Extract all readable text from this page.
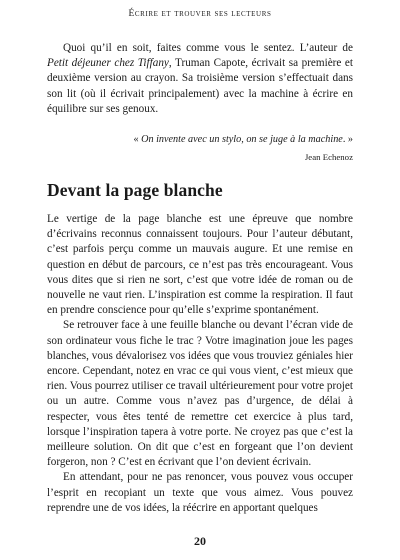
Écrire et trouver ses lecteurs

Quoi qu’il en soit, faites comme vous le sentez. L’auteur de Petit déjeuner chez Tiffany, Truman Capote, écrivait sa première et deuxième version au crayon. Sa troisième version s’effectuait dans son lit (où il écrivait principalement) avec la machine à écrire en équilibre sur ses genoux.

« On invente avec un stylo, on se juge à la machine. »
Jean Echenoz
Devant la page blanche

Le vertige de la page blanche est une épreuve que nombre d’écrivains reconnus connaissent toujours. Pour l’auteur débutant, c’est parfois perçu comme un mauvais augure. Et une remise en question en début de parcours, ce n’est pas très encourageant. Vous vous dites que si rien ne sort, c’est que votre idée de roman ou de nouvelle ne vaut rien. L’inspiration est comme la respiration. Il faut en prendre conscience pour qu’elle s’exprime spontanément.

Se retrouver face à une feuille blanche ou devant l’écran vide de son ordinateur vous fiche le trac ? Votre imagination joue les pages blanches, vous dévalorisez vos idées que vous trouviez géniales hier encore. Cependant, notez en vrac ce qui vous vient, c’est mieux que rien. Vous pourrez utiliser ce travail ultérieurement pour votre projet ou un autre. Comme vous n’avez pas d’urgence, de délai à respecter, vous êtes tenté de remettre cet exercice à plus tard, lorsque l’inspiration tapera à votre porte. Ne croyez pas que c’est la meilleure solution. On dit que c’est en forgeant que l’on devient forgeron, non ? C’est en écrivant que l’on devient écrivain.

En attendant, pour ne pas renoncer, vous pouvez vous occuper l’esprit en recopiant un texte que vous aimez. Vous pouvez reprendre une de vos idées, la réécrire en apportant quelques

20
